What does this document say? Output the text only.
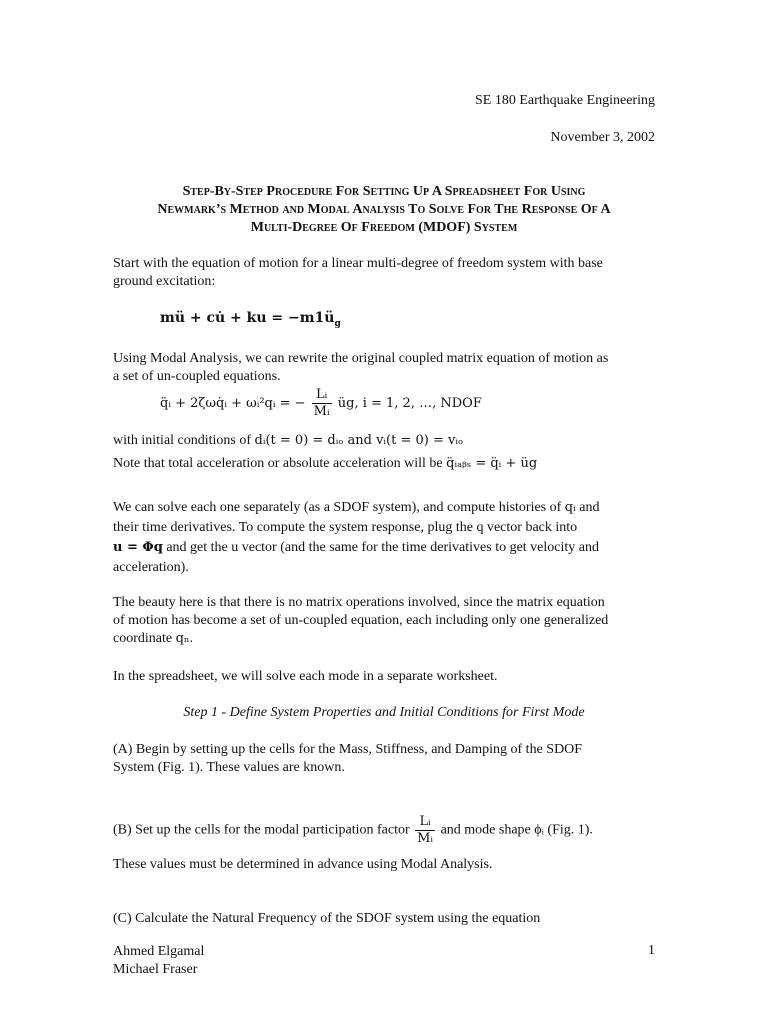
SE 180 Earthquake Engineering
November 3, 2002
Step-By-Step Procedure For Setting Up A Spreadsheet For Using
Newmark’s Method and Modal Analysis To Solve For The Response Of A
Multi-Degree Of Freedom (MDOF) System

Start with the equation of motion for a linear multi-degree of freedom system with base

ground excitation:

mü + cu̇ + ku = $-m1ü_g$

Using Modal Analysis, we can rewrite the original coupled matrix equation of motion as

a set of un-coupled equations.

q̈ᵢ + 2ζωq̇ᵢ + ωᵢ²qᵢ = − $\frac{\text{Lᵢ}}{\text{Mᵢ}}$ üg, i = 1, 2, …, NDOF
with initial conditions of dᵢ(t = 0) = dᵢₒ and vᵢ(t = 0) = vᵢₒ
Note that total acceleration or absolute acceleration will be q̈ᵢₐᵦₛ = q̈ᵢ + üg

We can solve each one separately (as a SDOF system), and compute histories of qᵢ and

their time derivatives. To compute the system response, plug the q vector back into

u = Φq and get the u vector (and the same for the time derivatives to get velocity and

acceleration).

The beauty here is that there is no matrix operations involved, since the matrix equation

of motion has become a set of un-coupled equation, each including only one generalized

coordinate qₙ.

In the spreadsheet, we will solve each mode in a separate worksheet.
Step 1 - Define System Properties and Initial Conditions for First Mode

(A) Begin by setting up the cells for the Mass, Stiffness, and Damping of the SDOF

System (Fig. 1). These values are known.

(B) Set up the cells for the modal participation factor $\frac{\text{Lᵢ}}{\text{Mᵢ}}$ and mode shape ϕᵢ (Fig. 1).
These values must be determined in advance using Modal Analysis.
(C) Calculate the Natural Frequency of the SDOF system using the equation

Ahmed Elgamal

Michael Fraser

1
